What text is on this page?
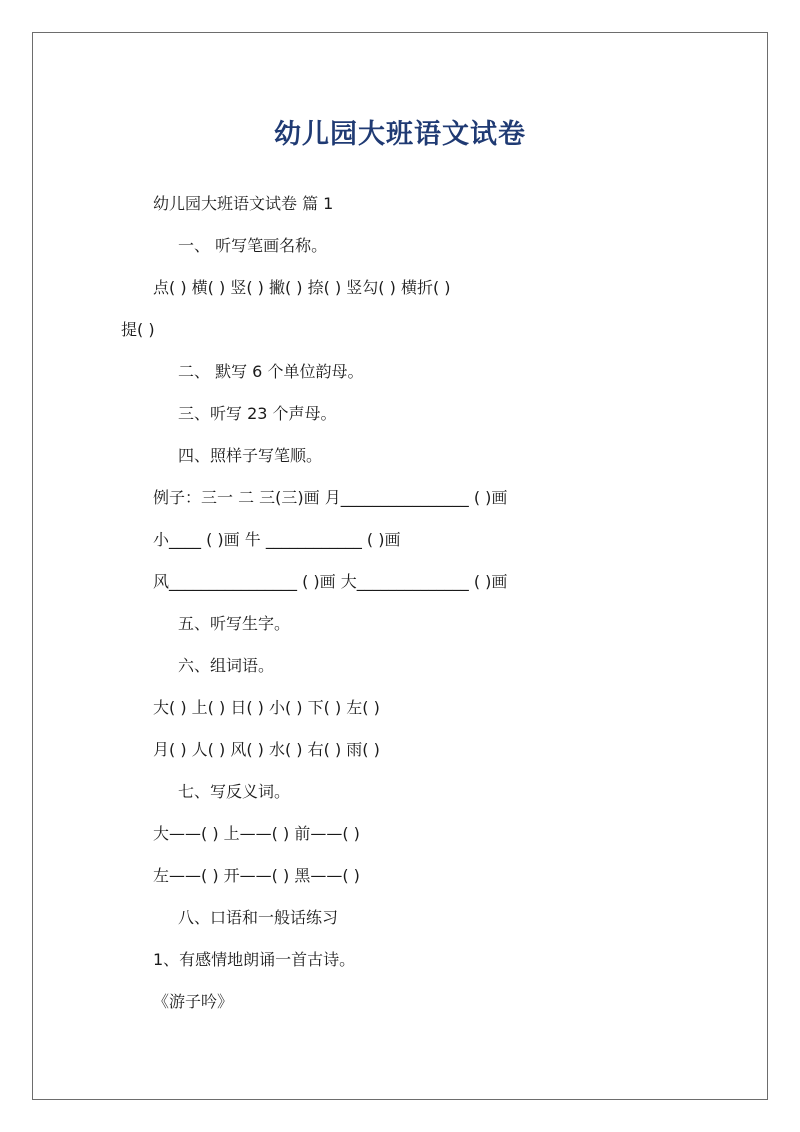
幼儿园大班语文试卷
幼儿园大班语文试卷 篇 1
一、 听写笔画名称。
点( ) 横( ) 竖( ) 撇( ) 捺( ) 竖勾( ) 横折( )
提( )
二、 默写 6 个单位韵母。
三、听写 23 个声母。
四、照样子写笔顺。
例子：三一 二 三(三)画 月________________ ( )画
小____ ( )画 牛 ____________ ( )画
风________________ ( )画 大______________ ( )画
五、听写生字。
六、组词语。
大( ) 上( ) 日( ) 小( ) 下( ) 左( )
月( ) 人( ) 风( ) 水( ) 右( ) 雨( )
七、写反义词。
大——( ) 上——( ) 前——( )
左——( ) 开——( ) 黑——( )
八、口语和一般话练习
1、有感情地朗诵一首古诗。
《游子吟》
